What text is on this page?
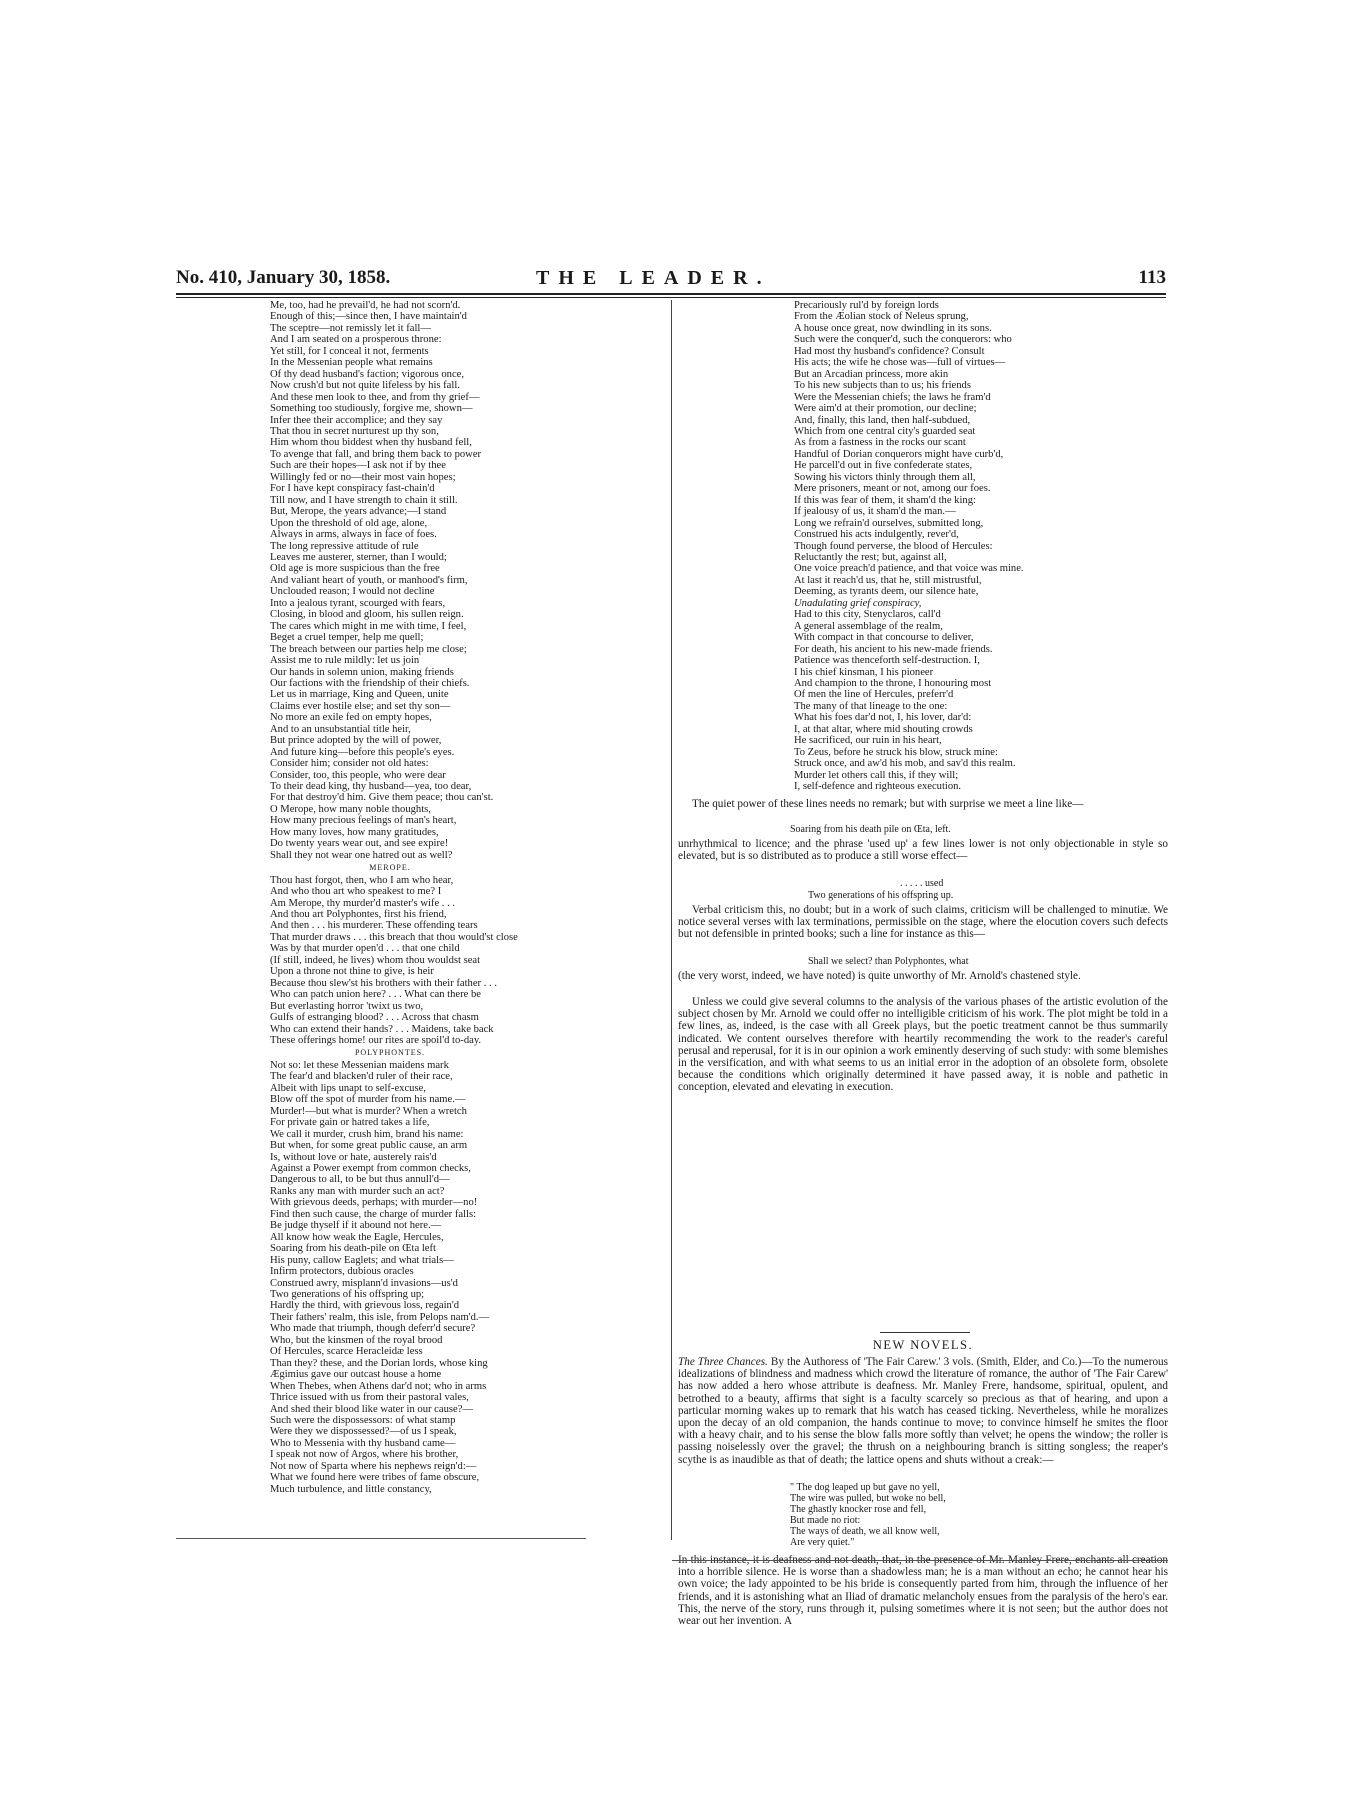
No. 410, January 30, 1858.	THE LEADER.	113
Me, too, had he prevail'd, he had not scorn'd.
Enough of this;—since then, I have maintain'd
The sceptre—not remissly let it fall—
And I am seated on a prosperous throne:
Yet still, for I conceal it not, ferments
In the Messenian people what remains
Of thy dead husband's faction; vigorous once,
Now crush'd but not quite lifeless by his fall.
And these men look to thee, and from thy grief—
Something too studiously, forgive me, shown—
Infer thee their accomplice; and they say
That thou in secret nurturest up thy son,
Him whom thou biddest when thy husband fell,
To avenge that fall, and bring them back to power
Such are their hopes—I ask not if by thee
Willingly fed or no—their most vain hopes;
For I have kept conspiracy fast-chain'd
Till now, and I have strength to chain it still.
But, Merope, the years advance;—I stand
Upon the threshold of old age, alone,
Always in arms, always in face of foes.
The long repressive attitude of rule
Leaves me austerer, sterner, than I would;
Old age is more suspicious than the free
And valiant heart of youth, or manhood's firm,
Unclouded reason; I would not decline
Into a jealous tyrant, scourged with fears,
Closing, in blood and gloom, his sullen reign.
The cares which might in me with time, I feel,
Beget a cruel temper, help me quell;
The breach between our parties help me close;
Assist me to rule mildly: let us join
Our hands in solemn union, making friends
Our factions with the friendship of their chiefs.
Let us in marriage, King and Queen, unite
Claims ever hostile else; and set thy son—
No more an exile fed on empty hopes,
And to an unsubstantial title heir,
But prince adopted by the will of power,
And future king—before this people's eyes.
Consider him; consider not old hates:
Consider, too, this people, who were dear
To their dead king, thy husband—yea, too dear,
For that destroy'd him. Give them peace; thou can'st.
O Merope, how many noble thoughts,
How many precious feelings of man's heart,
How many loves, how many gratitudes,
Do twenty years wear out, and see expire!
Shall they not wear one hatred out as well?
MEROPE.
Thou hast forgot, then, who I am who hear,
And who thou art who speakest to me? I
Am Merope, thy murder'd master's wife . . .
And thou art Polyphontes, first his friend,
And then . . . his murderer. These offending tears
That murder draws . . . this breach that thou would'st close
Was by that murder open'd . . . that one child
(If still, indeed, he lives) whom thou wouldst seat
Upon a throne not thine to give, is heir
Because thou slew'st his brothers with their father . . .
Who can patch union here? . . . What can there be
But everlasting horror 'twixt us two,
Gulfs of estranging blood? . . . Across that chasm
Who can extend their hands? . . . Maidens, take back
These offerings home! our rites are spoil'd to-day.
POLYPHONTES.
Not so: let these Messenian maidens mark
The fear'd and blacken'd ruler of their race,
Albeit with lips unapt to self-excuse,
Blow off the spot of murder from his name.—
Murder!—but what is murder? When a wretch
For private gain or hatred takes a life,
We call it murder, crush him, brand his name:
But when, for some great public cause, an arm
Is, without love or hate, austerely rais'd
Against a Power exempt from common checks,
Dangerous to all, to be but thus annull'd—
Ranks any man with murder such an act?
With grievous deeds, perhaps; with murder—no!
Find then such cause, the charge of murder falls:
Be judge thyself if it abound not here.—
All know how weak the Eagle, Hercules,
Soaring from his death-pile on Œta left
His puny, callow Eaglets; and what trials—
Infirm protectors, dubious oracles
Construed awry, misplann'd invasions—us'd
Two generations of his offspring up;
Hardly the third, with grievous loss, regain'd
Their fathers' realm, this isle, from Pelops nam'd.—
Who made that triumph, though deferr'd secure?
Who, but the kinsmen of the royal brood
Of Hercules, scarce Heracleidæ less
Than they? these, and the Dorian lords, whose king
Ægimius gave our outcast house a home
When Thebes, when Athens dar'd not; who in arms
Thrice issued with us from their pastoral vales,
And shed their blood like water in our cause?—
Such were the dispossessors: of what stamp
Were they we dispossessed?—of us I speak,
Who to Messenia with thy husband came—
I speak not now of Argos, where his brother,
Not now of Sparta where his nephews reign'd:—
What we found here were tribes of fame obscure,
Much turbulence, and little constancy,
Precariously rul'd by foreign lords
From the Æolian stock of Neleus sprung,
A house once great, now dwindling in its sons.
Such were the conquer'd, such the conquerors: who
Had most thy husband's confidence? Consult
His acts; the wife he chose was—full of virtues—
But an Arcadian princess, more akin
To his new subjects than to us; his friends
Were the Messenian chiefs; the laws he fram'd
Were aim'd at their promotion, our decline;
And, finally, this land, then half-subdued,
Which from one central city's guarded seat
As from a fastness in the rocks our scant
Handful of Dorian conquerors might have curb'd,
He parcell'd out in five confederate states,
Sowing his victors thinly through them all,
Mere prisoners, meant or not, among our foes.
If this was fear of them, it sham'd the king:
If jealousy of us, it sham'd the man.—
Long we refrain'd ourselves, submitted long,
Construed his acts indulgently, rever'd,
Though found perverse, the blood of Hercules:
Reluctantly the rest; but, against all,
One voice preach'd patience, and that voice was mine.
At last it reach'd us, that he, still mistrustful,
Deeming, as tyrants deem, our silence hate,
Unadulating grief conspiracy,
Had to this city, Stenyclaros, call'd
A general assemblage of the realm,
With compact in that concourse to deliver,
For death, his ancient to his new-made friends.
Patience was thenceforth self-destruction. I,
I his chief kinsman, I his pioneer
And champion to the throne, I honouring most
Of men the line of Hercules, preferr'd
The many of that lineage to the one:
What his foes dar'd not, I, his lover, dar'd:
I, at that altar, where mid shouting crowds
He sacrificed, our ruin in his heart,
To Zeus, before he struck his blow, struck mine:
Struck once, and aw'd his mob, and sav'd this realm.
Murder let others call this, if they will;
I, self-defence and righteous execution.

The quiet power of these lines needs no remark; but with surprise we meet a line like—

Soaring from his death pile on Œta, left.

unrhythmical to licence; and the phrase 'used up' a few lines lower is not only objectionable in style so elevated, but is so distributed as to produce a still worse effect—

. . . . . used
Two generations of his offspring up.

Verbal criticism this, no doubt; but in a work of such claims, criticism will be challenged to minutiæ. We notice several verses with lax terminations, permissible on the stage, where the elocution covers such defects but not defensible in printed books; such a line for instance as this—

Shall we select? than Polyphontes, what

(the very worst, indeed, we have noted) is quite unworthy of Mr. Arnold's chastened style.

Unless we could give several columns to the analysis of the various phases of the artistic evolution of the subject chosen by Mr. Arnold we could offer no intelligible criticism of his work. The plot might be told in a few lines, as, indeed, is the case with all Greek plays, but the poetic treatment cannot be thus summarily indicated. We content ourselves therefore with heartily recommending the work to the reader's careful perusal and reperusal, for it is in our opinion a work eminently deserving of such study: with some blemishes in the versification, and with what seems to us an initial error in the adoption of an obsolete form, obsolete because the conditions which originally determined it have passed away, it is noble and pathetic in conception, elevated and elevating in execution.

NEW NOVELS.

The Three Chances. By the Authoress of 'The Fair Carew.' 3 vols. (Smith, Elder, and Co.)—To the numerous idealizations of blindness and madness which crowd the literature of romance, the author of 'The Fair Carew' has now added a hero whose attribute is deafness. Mr. Manley Frere, handsome, spiritual, opulent, and betrothed to a beauty, affirms that sight is a faculty scarcely so precious as that of hearing, and upon a particular morning wakes up to remark that his watch has ceased ticking. Nevertheless, while he moralizes upon the decay of an old companion, the hands continue to move; to convince himself he smites the floor with a heavy chair, and to his sense the blow falls more softly than velvet; he opens the window; the roller is passing noiselessly over the gravel; the thrush on a neighbouring branch is sitting songless; the reaper's scythe is as inaudible as that of death; the lattice opens and shuts without a creak:—

" The dog leaped up but gave no yell,
The wire was pulled, but woke no bell,
The ghastly knocker rose and fell,
But made no riot:
The ways of death, we all know well,
Are very quiet."

In this instance, it is deafness and not death, that, in the presence of Mr. Manley Frere, enchants all creation into a horrible silence. He is worse than a shadowless man; he is a man without an echo; he cannot hear his own voice; the lady appointed to be his bride is consequently parted from him, through the influence of her friends, and it is astonishing what an Iliad of dramatic melancholy ensues from the paralysis of the hero's ear. This, the nerve of the story, runs through it, pulsing sometimes where it is not seen; but the author does not wear out her invention. A
